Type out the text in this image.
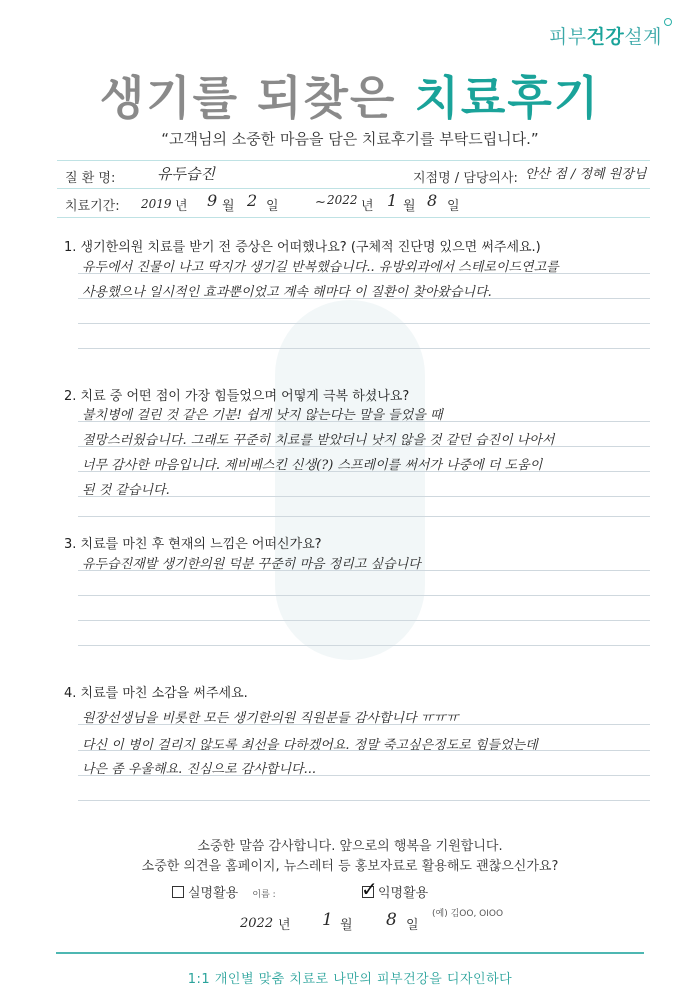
피부건강설계
생기를 되찾은 치료후기
“고객님의 소중한 마음을 담은 치료후기를 부탁드립니다.”
질 환 명:	유두습진	지점명 / 담당의사: 안산 점 / 정혜 원장님
치료기간: 2019 년 9 월 2 일	~ 2022 년 1 월 8 일
1. 생기한의원 치료를 받기 전 증상은 어떠했나요? (구체적 진단명 있으면 써주세요.)
유두에서 진물이 나고 딱지가 생기길 반복했습니다.. 유방외과에서 스테로이드연고를
사용했으나 일시적인 효과뿐이었고 계속 해마다 이 질환이 찾아왔습니다.
2. 치료 중 어떤 점이 가장 힘들었으며 어떻게 극복 하셨나요?
불치병에 걸린 것 같은 기분! 쉽게 낫지 않는다는 말을 들었을 때
절망스러웠습니다. 그래도 꾸준히 치료를 받았더니 낫지 않을 것 같던 습진이 나아서
너무 감사한 마음입니다. 제비베스킨 신생(?) 스프레이를 써서가 나중에 더 도움이
된 것 같습니다.
3. 치료를 마친 후 현재의 느낌은 어떠신가요?
유두습진재발 생기한의원 덕분 꾸준히 마음 정리고 싶습니다
4. 치료를 마친 소감을 써주세요.
원장선생님을 비롯한 모든 생기한의원 직원분들 감사합니다 ㅠㅠㅠ
다신 이 병이 걸리지 않도록 최선을 다하겠어요. 정말 죽고싶은정도로 힘들었는데
나은 좀 우울해요. 진심으로 감사합니다...
소중한 말씀 감사합니다. 앞으로의 행복을 기원합니다.
소중한 의견을 홈페이지, 뉴스레터 등 홍보자료로 활용해도 괜찮으신가요?
실명활용 이름 :	✓ 익명활용
(예) 김OO, OIOO
2022 년 1 월 8 일
1:1 개인별 맞춤 치료로 나만의 피부건강을 디자인하다
